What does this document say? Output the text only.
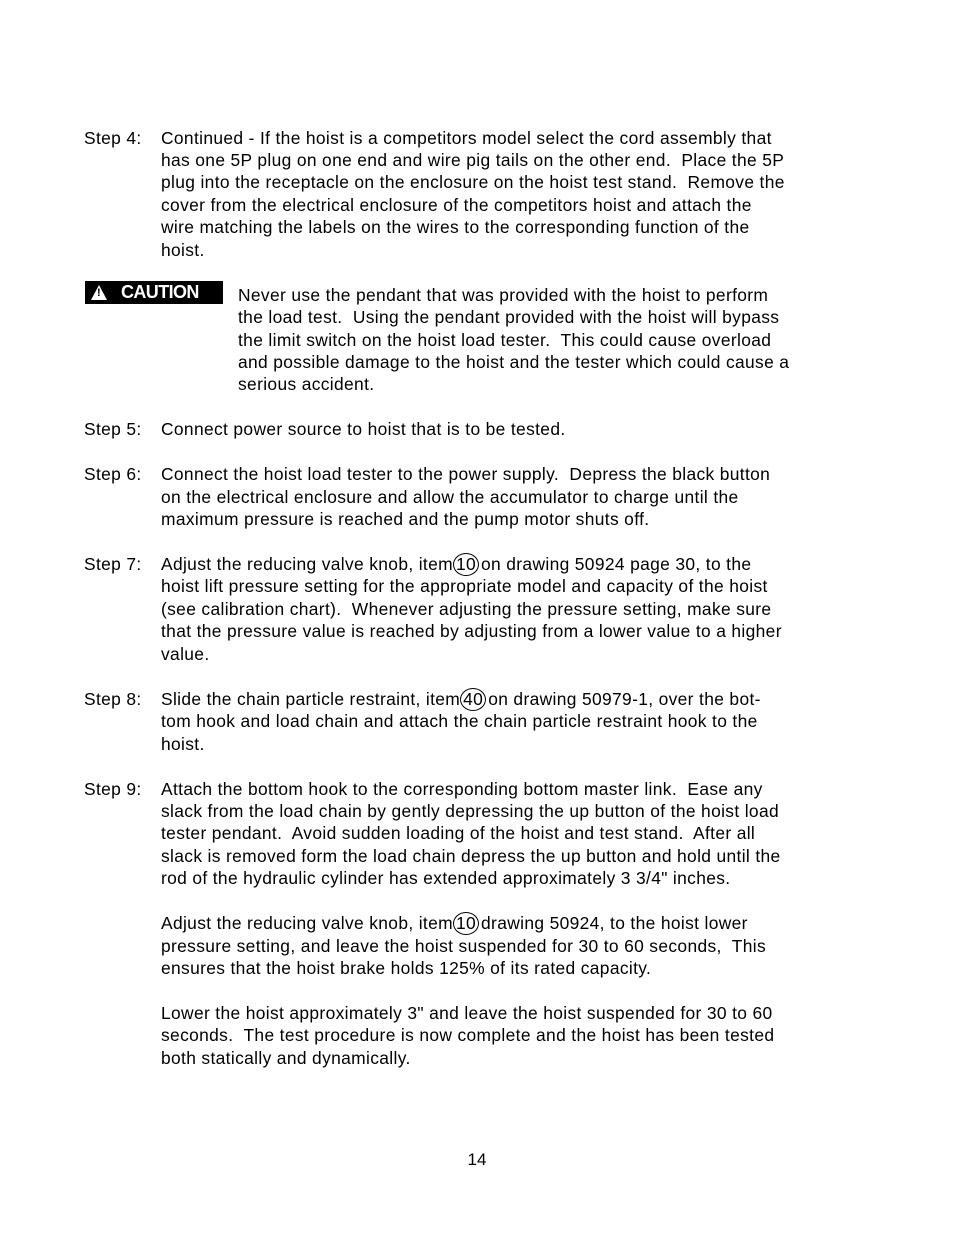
Step 4: Continued - If the hoist is a competitors model select the cord assembly that
has one 5P plug on one end and wire pig tails on the other end.  Place the 5P
plug into the receptacle on the enclosure on the hoist test stand.  Remove the
cover from the electrical enclosure of the competitors hoist and attach the
wire matching the labels on the wires to the corresponding function of the
hoist.
!
CAUTION Never use the pendant that was provided with the hoist to perform
the load test.  Using the pendant provided with the hoist will bypass
the limit switch on the hoist load tester.  This could cause overload
and possible damage to the hoist and the tester which could cause a
serious accident.
Step 5: Connect power source to hoist that is to be tested.
Step 6: Connect the hoist load tester to the power supply.  Depress the black button
on the electrical enclosure and allow the accumulator to charge until the
maximum pressure is reached and the pump motor shuts off.
Step 7: Adjust the reducing valve knob, item 10 on drawing 50924 page 30, to the
hoist lift pressure setting for the appropriate model and capacity of the hoist
(see calibration chart).  Whenever adjusting the pressure setting, make sure
that the pressure value is reached by adjusting from a lower value to a higher
value.
Step 8: Slide the chain particle restraint, item 40 on drawing 50979-1, over the bot-
tom hook and load chain and attach the chain particle restraint hook to the
hoist.
Step 9: Attach the bottom hook to the corresponding bottom master link.  Ease any
slack from the load chain by gently depressing the up button of the hoist load
tester pendant.  Avoid sudden loading of the hoist and test stand.  After all
slack is removed form the load chain depress the up button and hold until the
rod of the hydraulic cylinder has extended approximately 3 3/4" inches.
Adjust the reducing valve knob, item 10 drawing 50924, to the hoist lower
pressure setting, and leave the hoist suspended for 30 to 60 seconds,  This
ensures that the hoist brake holds 125% of its rated capacity.
Lower the hoist approximately 3" and leave the hoist suspended for 30 to 60
seconds.  The test procedure is now complete and the hoist has been tested
both statically and dynamically.
14
